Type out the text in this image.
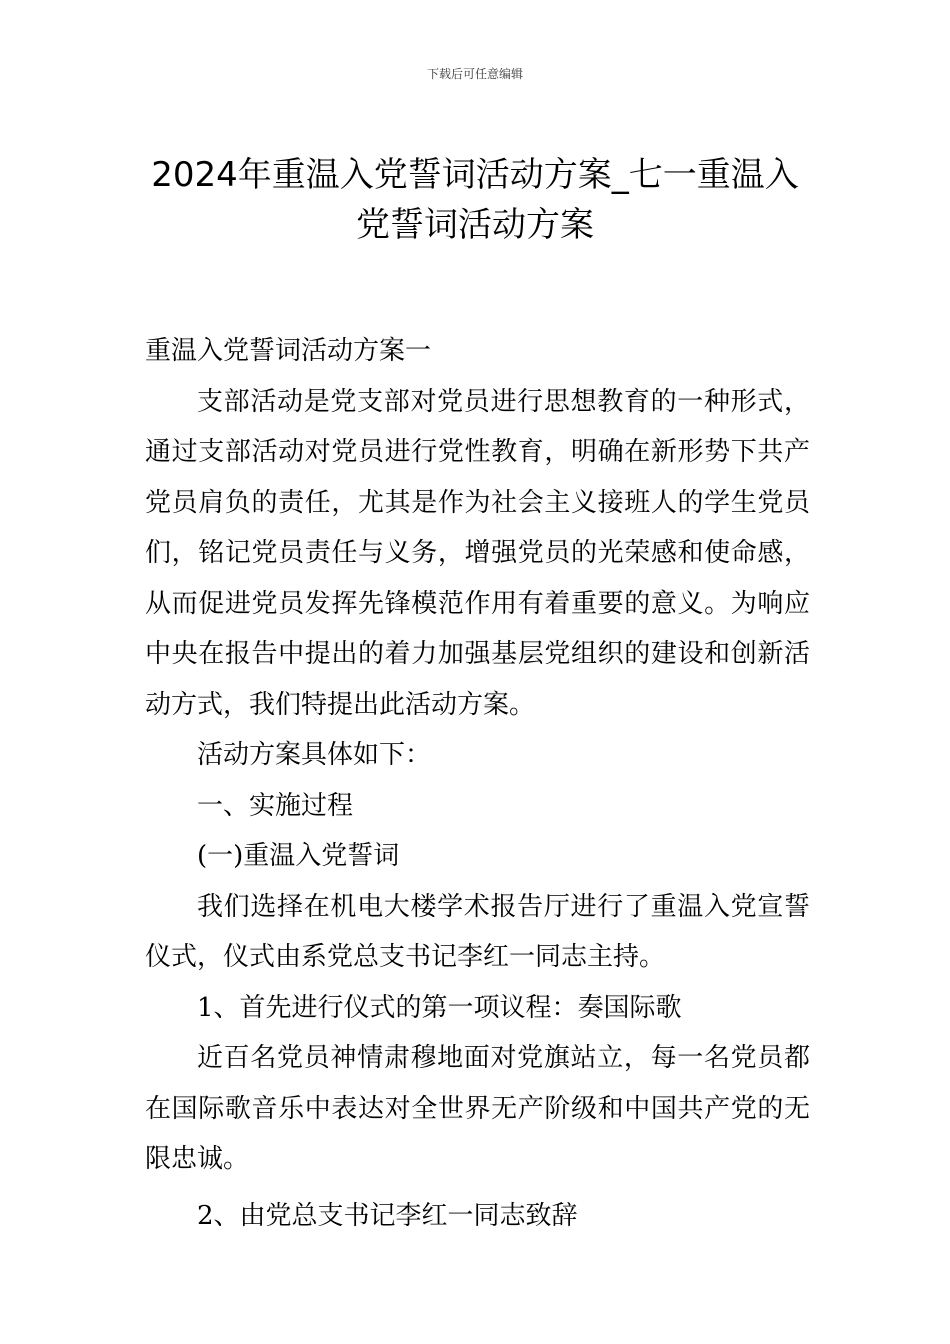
下载后可任意编辑
2024年重温入党誓词活动方案_七一重温入
党誓词活动方案

重温入党誓词活动方案一

支部活动是党支部对党员进行思想教育的一种形式，通过支部活动对党员进行党性教育，明确在新形势下共产党员肩负的责任，尤其是作为社会主义接班人的学生党员们，铭记党员责任与义务，增强党员的光荣感和使命感，从而促进党员发挥先锋模范作用有着重要的意义。为响应中央在报告中提出的着力加强基层党组织的建设和创新活动方式，我们特提出此活动方案。

活动方案具体如下：

一、实施过程

(一)重温入党誓词

我们选择在机电大楼学术报告厅进行了重温入党宣誓仪式，仪式由系党总支书记李红一同志主持。

1、首先进行仪式的第一项议程：奏国际歌

近百名党员神情肃穆地面对党旗站立，每一名党员都在国际歌音乐中表达对全世界无产阶级和中国共产党的无限忠诚。

2、由党总支书记李红一同志致辞
